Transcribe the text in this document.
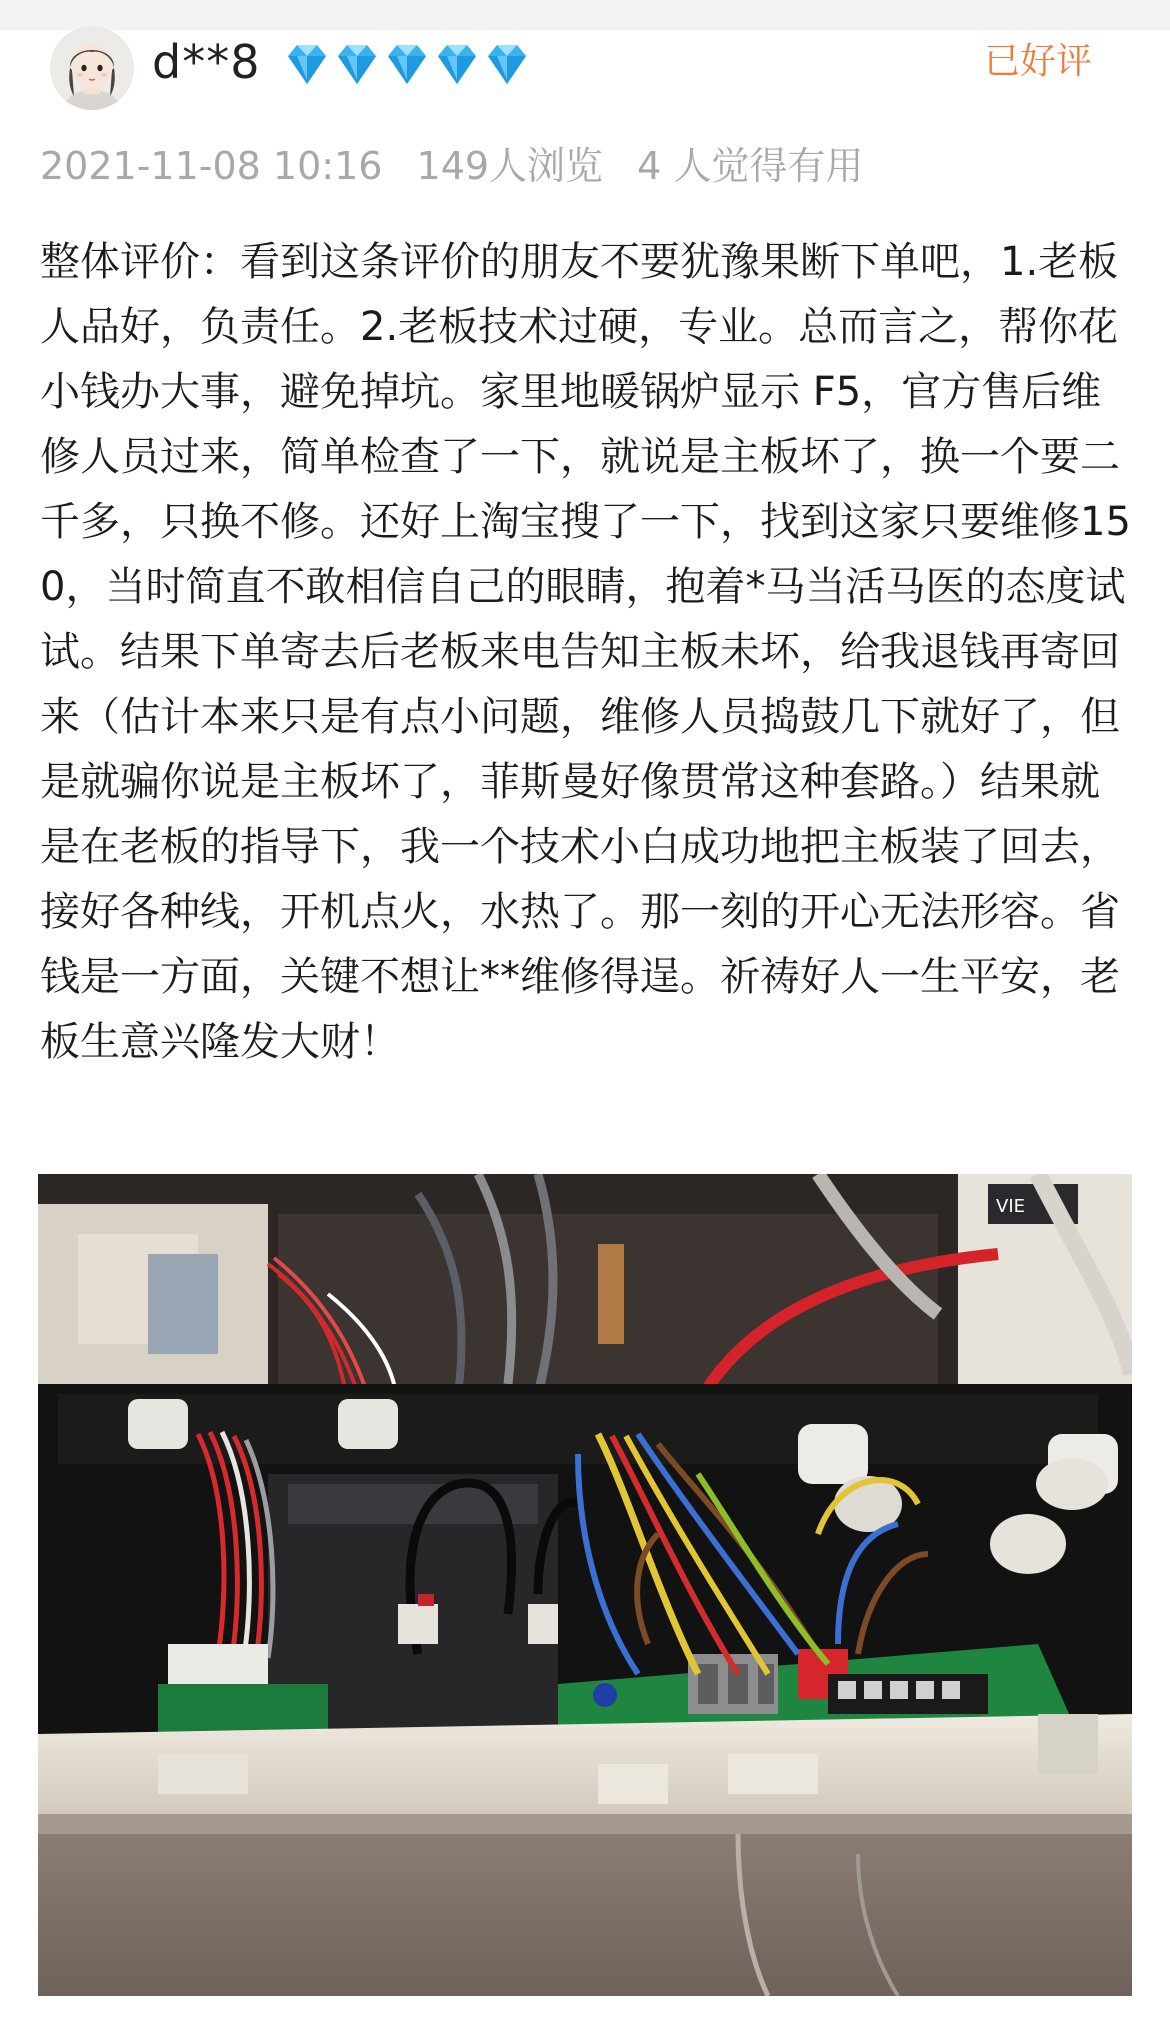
d**8	已好评
2021-11-08 10:16 149人浏览 4 人觉得有用

整体评价：看到这条评价的朋友不要犹豫果断下单吧，1.老板人品好，负责任。2.老板技术过硬，专业。总而言之，帮你花小钱办大事，避免掉坑。家里地暖锅炉显示 F5，官方售后维修人员过来，简单检查了一下，就说是主板坏了，换一个要二千多，只换不修。还好上淘宝搜了一下，找到这家只要维修150，当时简直不敢相信自己的眼睛，抱着*马当活马医的态度试试。结果下单寄去后老板来电告知主板未坏，给我退钱再寄回来（估计本来只是有点小问题，维修人员捣鼓几下就好了，但是就骗你说是主板坏了，菲斯曼好像贯常这种套路。）结果就是在老板的指导下，我一个技术小白成功地把主板装了回去，接好各种线，开机点火，水热了。那一刻的开心无法形容。省钱是一方面，关键不想让**维修得逞。祈祷好人一生平安，老板生意兴隆发大财！

VIE
